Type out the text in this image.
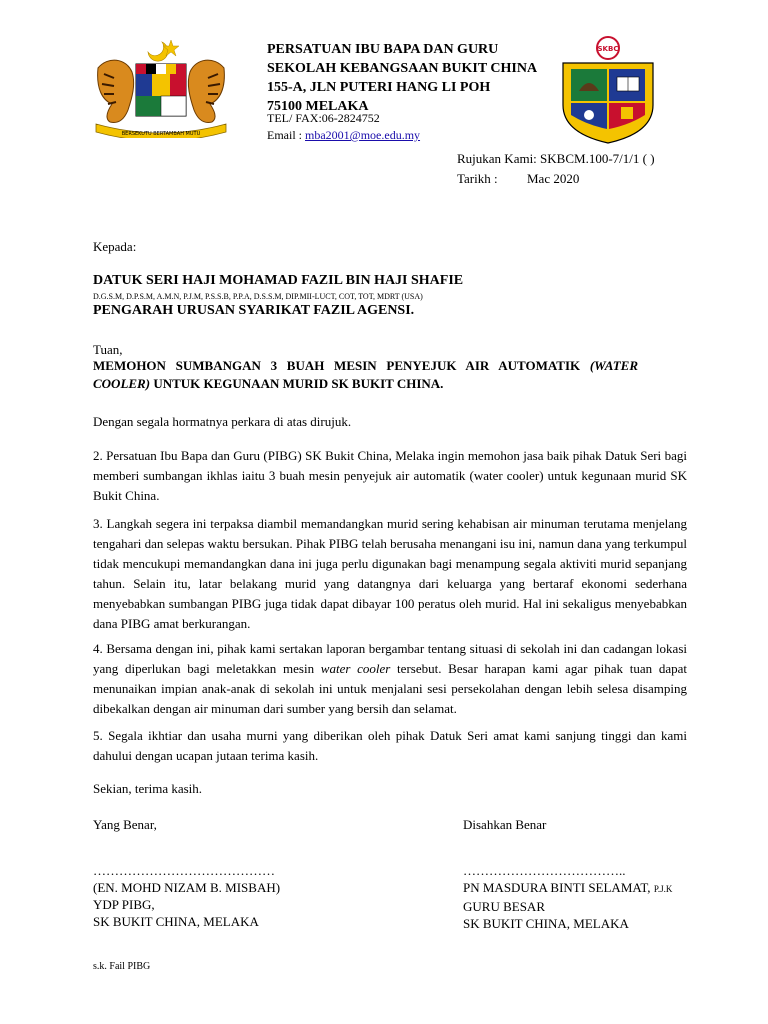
BERSEKUTU BERTAMBAH MUTU
PERSATUAN IBU BAPA DAN GURU
SEKOLAH KEBANGSAAN BUKIT CHINA
155-A, JLN PUTERI HANG LI POH
75100 MELAKA
TEL/ FAX:06-2824752
Email : mba2001@moe.edu.my
SKBC
Rujukan Kami: SKBCM.100-7/1/1 ( )
Tarikh : Mac 2020
Kepada:
DATUK SERI HAJI MOHAMAD FAZIL BIN HAJI SHAFIE
D.G.S.M, D.P.S.M, A.M.N, P.J.M, P.S.S.B, P.P.A, D.S.S.M, DIP.MII-LUCT, COT, TOT, MDRT (USA)
PENGARAH URUSAN SYARIKAT FAZIL AGENSI.
Tuan,
MEMOHON SUMBANGAN 3 BUAH MESIN PENYEJUK AIR AUTOMATIK (WATER COOLER) UNTUK KEGUNAAN MURID SK BUKIT CHINA.
Dengan segala hormatnya perkara di atas dirujuk.
2. Persatuan Ibu Bapa dan Guru (PIBG) SK Bukit China, Melaka ingin memohon jasa baik pihak Datuk Seri bagi memberi sumbangan ikhlas iaitu 3 buah mesin penyejuk air automatik (water cooler) untuk kegunaan murid SK Bukit China.
3. Langkah segera ini terpaksa diambil memandangkan murid sering kehabisan air minuman terutama menjelang tengahari dan selepas waktu bersukan. Pihak PIBG telah berusaha menangani isu ini, namun dana yang terkumpul tidak mencukupi memandangkan dana ini juga perlu digunakan bagi menampung segala aktiviti murid sepanjang tahun. Selain itu, latar belakang murid yang datangnya dari keluarga yang bertaraf ekonomi sederhana menyebabkan sumbangan PIBG juga tidak dapat dibayar 100 peratus oleh murid. Hal ini sekaligus menyebabkan dana PIBG amat berkurangan.
4. Bersama dengan ini, pihak kami sertakan laporan bergambar tentang situasi di sekolah ini dan cadangan lokasi yang diperlukan bagi meletakkan mesin water cooler tersebut. Besar harapan kami agar pihak tuan dapat menunaikan impian anak-anak di sekolah ini untuk menjalani sesi persekolahan dengan lebih selesa disamping dibekalkan dengan air minuman dari sumber yang bersih dan selamat.
5. Segala ikhtiar dan usaha murni yang diberikan oleh pihak Datuk Seri amat kami sanjung tinggi dan kami dahului dengan ucapan jutaan terima kasih.
Sekian, terima kasih.
Yang Benar,	Disahkan Benar
……………………………………
(EN. MOHD NIZAM B. MISBAH)
YDP PIBG,
SK BUKIT CHINA, MELAKA
………………………………..
PN MASDURA BINTI SELAMAT, P.J.K
GURU BESAR
SK BUKIT CHINA, MELAKA
s.k. Fail PIBG
